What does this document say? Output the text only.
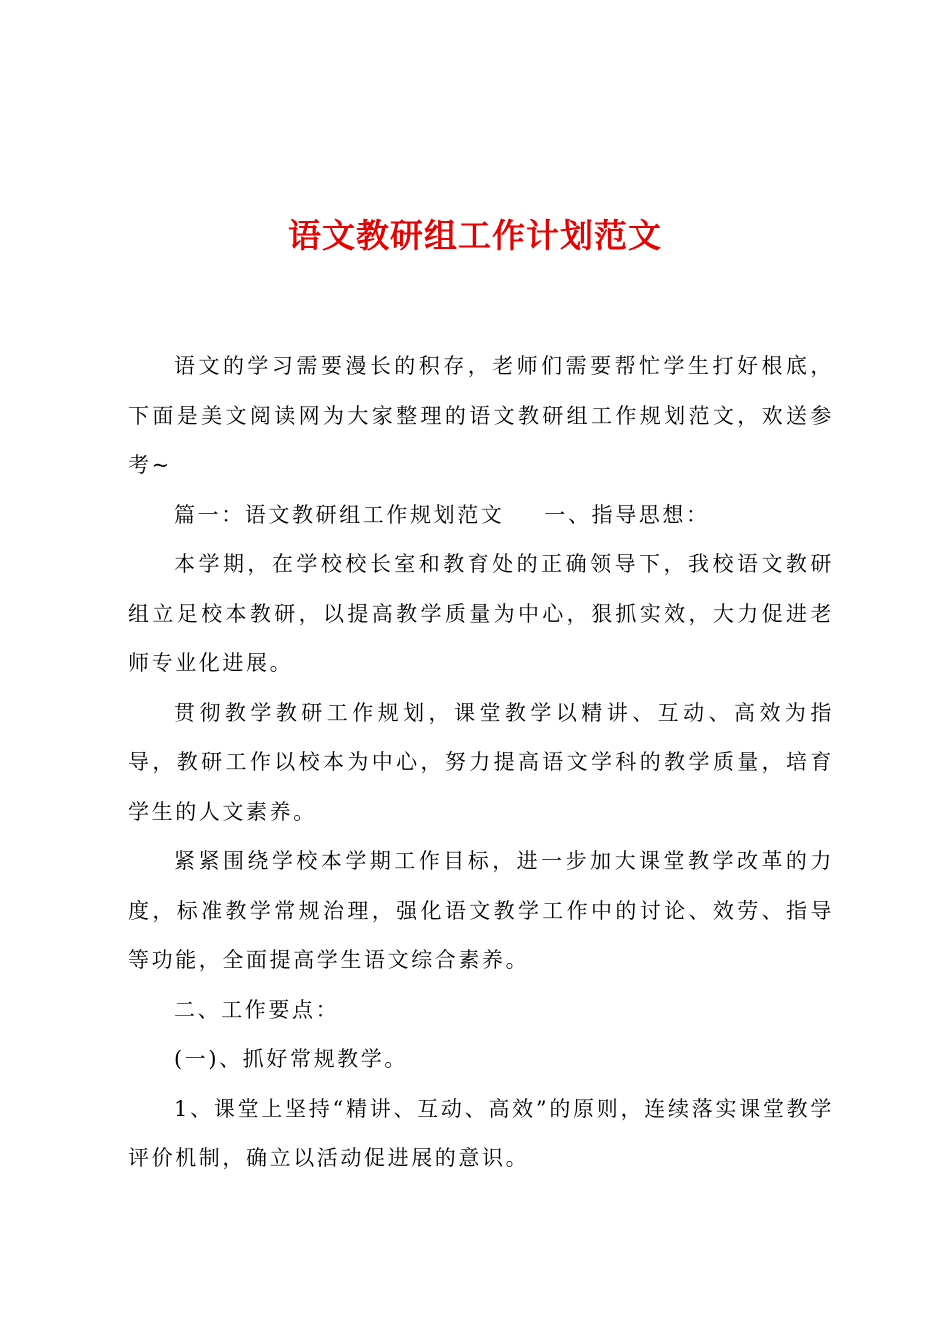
语文教研组工作计划范文

语文的学习需要漫长的积存，老师们需要帮忙学生打好根底，下面是美文阅读网为大家整理的语文教研组工作规划范文，欢送参考~

篇一：语文教研组工作规划范文 一、指导思想：

本学期，在学校校长室和教育处的正确领导下，我校语文教研组立足校本教研，以提高教学质量为中心，狠抓实效，大力促进老师专业化进展。

贯彻教学教研工作规划，课堂教学以精讲、互动、高效为指导，教研工作以校本为中心，努力提高语文学科的教学质量，培育学生的人文素养。

紧紧围绕学校本学期工作目标，进一步加大课堂教学改革的力度，标准教学常规治理，强化语文教学工作中的讨论、效劳、指导等功能，全面提高学生语文综合素养。

二、工作要点：

(一)、抓好常规教学。

1、课堂上坚持“精讲、互动、高效”的原则，连续落实课堂教学评价机制，确立以活动促进展的意识。
